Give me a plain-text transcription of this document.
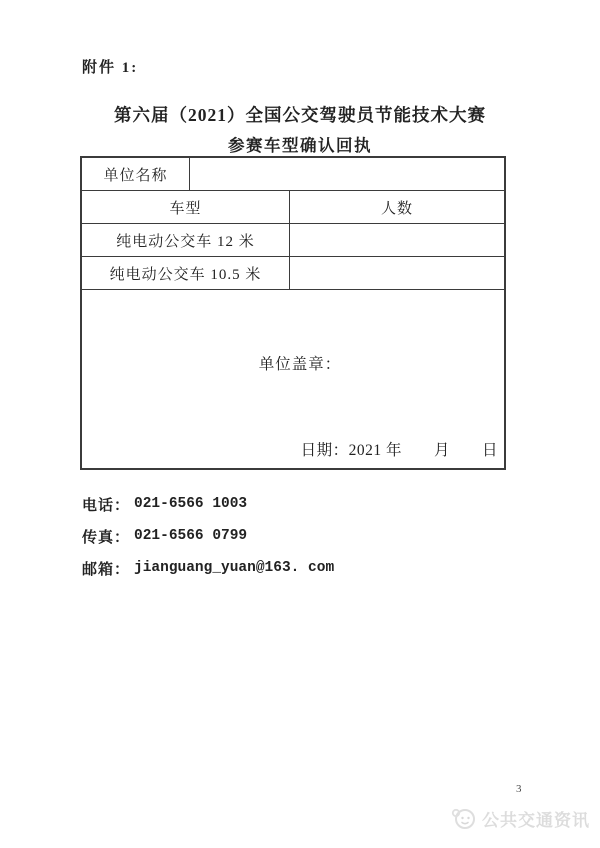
附件 1:
第六届（2021）全国公交驾驶员节能技术大赛
参赛车型确认回执
单位名称
车型	人数
纯电动公交车 12 米
纯电动公交车 10.5 米
单位盖章：
日期：2021 年　　月　　日
电话： 021-6566 1003
传真： 021-6566 0799
邮箱： jianguang_yuan@163. com
3
公共交通资讯
